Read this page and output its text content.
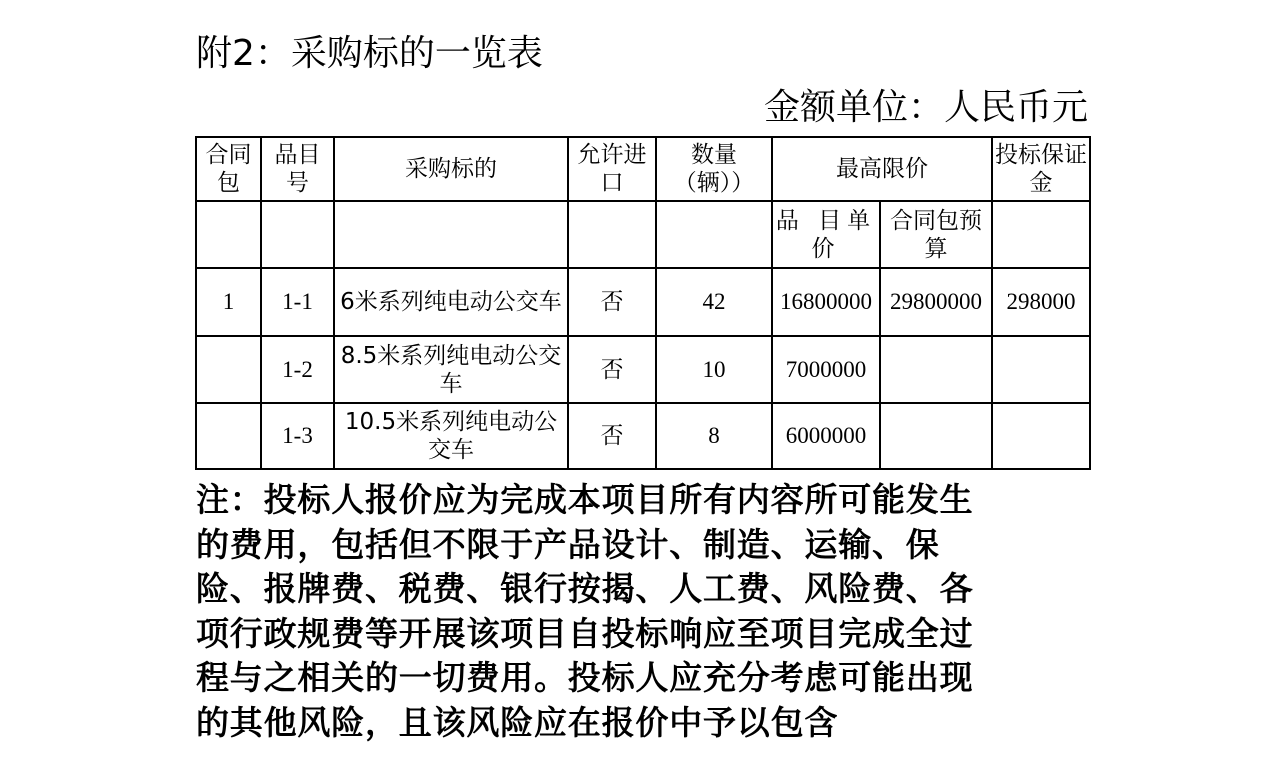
附2：采购标的一览表
金额单位：人民币元
合同包	品目号	采购标的	允许进口	数量（辆））	最高限价		投标保证金
					品 目单 价	合同包预算	
1	1-1	6米系列纯电动公交车	否	42	16800000	29800000	298000
	1-2	8.5米系列纯电动公交车	否	10	7000000		
	1-3	10.5米系列纯电动公交车	否	8	6000000		
注：投标人报价应为完成本项目所有内容所可能发生
的费用，包括但不限于产品设计、制造、运输、保
险、报牌费、税费、银行按揭、人工费、风险费、各
项行政规费等开展该项目自投标响应至项目完成全过
程与之相关的一切费用。投标人应充分考虑可能出现
的其他风险，且该风险应在报价中予以包含
